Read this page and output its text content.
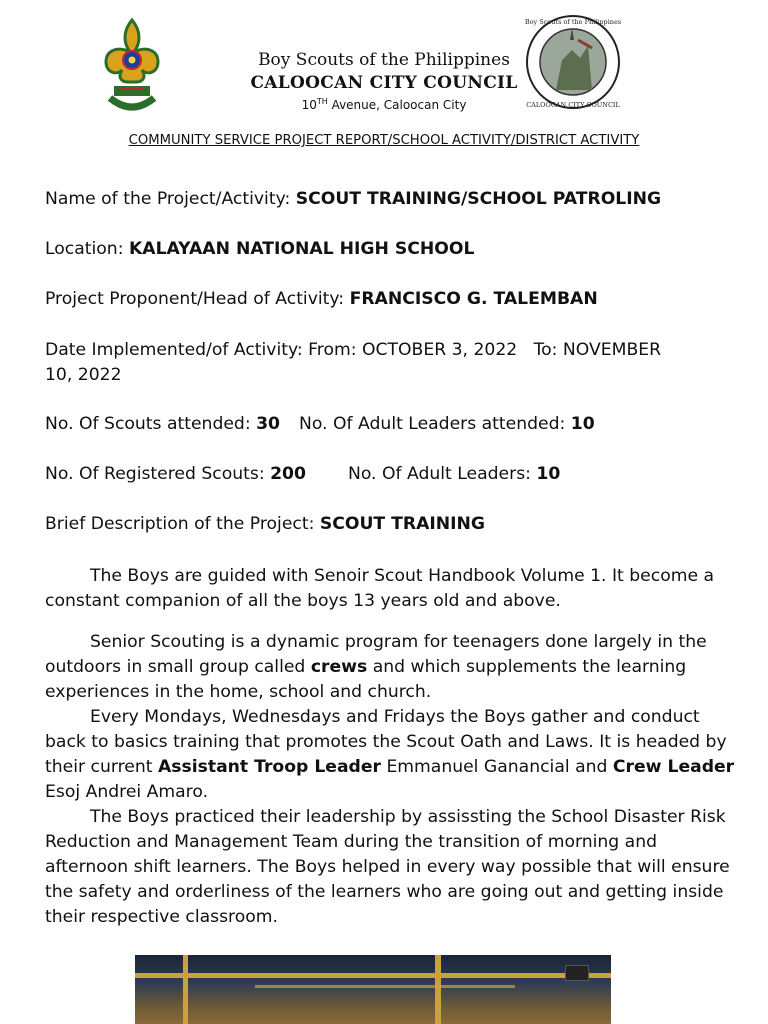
Boy Scouts of the Philippines
CALOOCAN CITY COUNCIL
Boy Scouts of the Philippines
CALOOCAN CITY COUNCIL
10TH Avenue, Caloocan City
COMMUNITY SERVICE PROJECT REPORT/SCHOOL ACTIVITY/DISTRICT ACTIVITY
Name of the Project/Activity: SCOUT TRAINING/SCHOOL PATROLING
Location: KALAYAAN NATIONAL HIGH SCHOOL
Project Proponent/Head of Activity: FRANCISCO G. TALEMBAN
Date Implemented/of Activity: From: OCTOBER 3, 2022   To: NOVEMBER
10, 2022
No. Of Scouts attended: 30 No. Of Adult Leaders attended: 10
No. Of Registered Scouts: 200 No. Of Adult Leaders: 10
Brief Description of the Project: SCOUT TRAINING
The Boys are guided with Senoir Scout Handbook Volume 1. It become a constant companion of all the boys 13 years old and above.
Senior Scouting is a dynamic program for teenagers done largely in the outdoors in small group called crews and which supplements the learning experiences in the home, school and church.
Every Mondays, Wednesdays and Fridays the Boys gather and conduct back to basics training that promotes the Scout Oath and Laws. It is headed by their current Assistant Troop Leader Emmanuel Ganancial and Crew Leader Esoj Andrei Amaro.
The Boys practiced their leadership by assissting the School Disaster Risk Reduction and Management Team during the transition of morning and afternoon shift learners. The Boys helped in every way possible that will ensure the safety and orderliness of the learners who are going out and getting inside their respective classroom.
